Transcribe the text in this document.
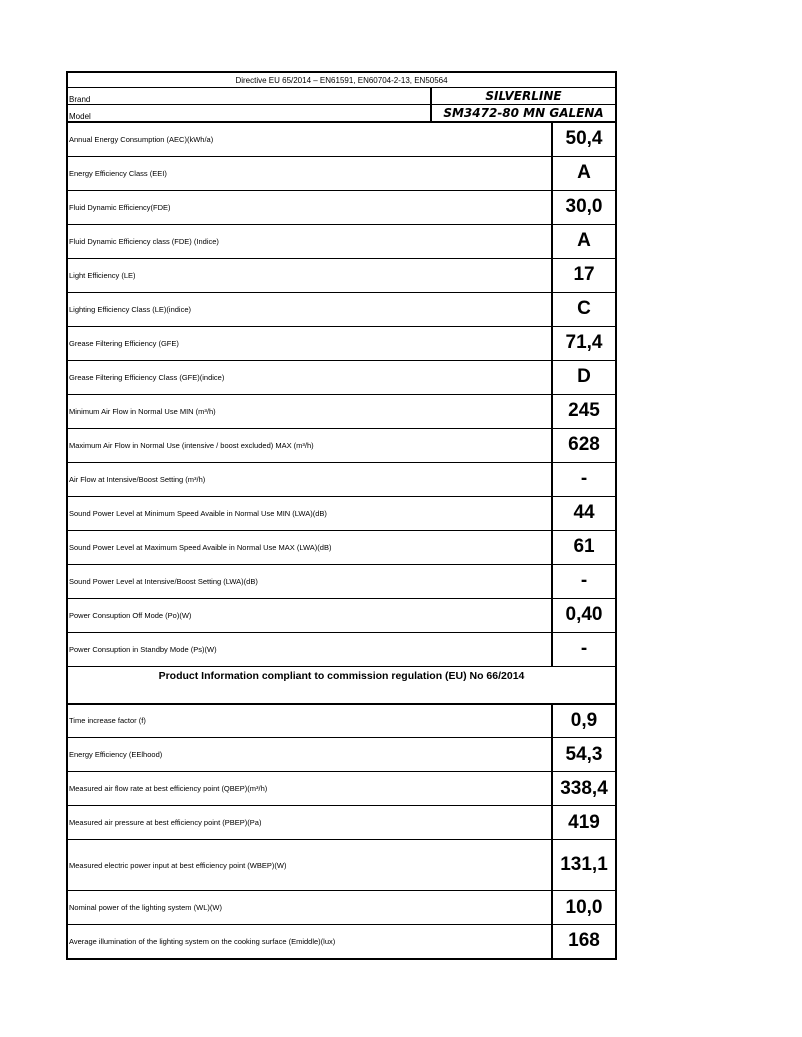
Directive EU 65/2014 – EN61591, EN60704-2-13, EN50564		
Brand	SILVERLINE	
Model	SM3472-80 MN GALENA	
Annual Energy Consumption (AEC)(kWh/a)		50,4
Energy Efficiency Class (EEI)		A
Fluid Dynamic Efficiency(FDE)		30,0
Fluid Dynamic Efficiency class (FDE) (Indice)		A
Light Efficiency (LE)		17
Lighting Efficiency Class (LE)(indice)		C
Grease Filtering Efficiency (GFE)		71,4
Grease Filtering Efficiency Class (GFE)(indice)		D
Minimum Air Flow in Normal Use MIN (m³/h)		245
Maximum Air Flow in Normal Use (intensive / boost excluded) MAX (m³/h)		628
Air Flow at Intensive/Boost Setting (m³/h)		-
Sound Power Level at Minimum Speed Avaible in Normal Use MIN (LWA)(dB)		44
Sound Power Level at Maximum Speed Avaible in Normal Use MAX (LWA)(dB)		61
Sound Power Level at Intensive/Boost Setting (LWA)(dB)		-
Power Consuption Off Mode (Po)(W)		0,40
Power Consuption in Standby Mode (Ps)(W)		-
Product Information compliant to commission regulation (EU) No 66/2014		
Time increase factor (f)		0,9
Energy Efficiency (EElhood)		54,3
Measured air flow rate at best efficiency point (QBEP)(m³/h)		338,4
Measured air pressure at best efficiency point (PBEP)(Pa)		419
Measured electric power input at best efficiency point (WBEP)(W)		131,1
Nominal power of the lighting system (WL)(W)		10,0
Average illumination of the lighting system on the cooking surface (Emiddle)(lux)		168
